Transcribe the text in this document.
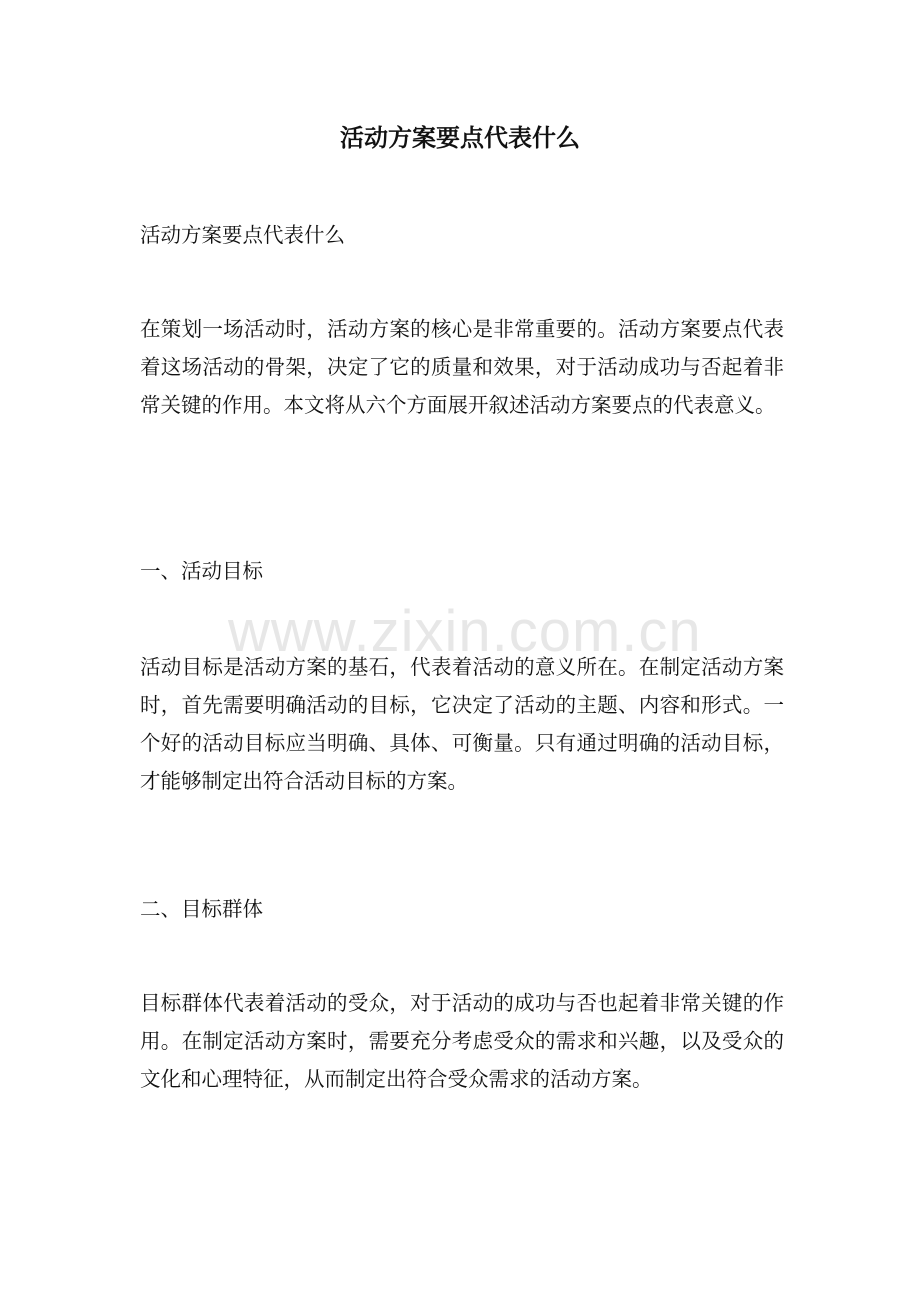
活动方案要点代表什么

活动方案要点代表什么

在策划一场活动时，活动方案的核心是非常重要的。活动方案要点代表着这场活动的骨架，决定了它的质量和效果，对于活动成功与否起着非常关键的作用。本文将从六个方面展开叙述活动方案要点的代表意义。

一、活动目标

活动目标是活动方案的基石，代表着活动的意义所在。在制定活动方案时，首先需要明确活动的目标，它决定了活动的主题、内容和形式。一个好的活动目标应当明确、具体、可衡量。只有通过明确的活动目标，才能够制定出符合活动目标的方案。

二、目标群体

目标群体代表着活动的受众，对于活动的成功与否也起着非常关键的作用。在制定活动方案时，需要充分考虑受众的需求和兴趣，以及受众的文化和心理特征，从而制定出符合受众需求的活动方案。

www.zixin.com.cn
